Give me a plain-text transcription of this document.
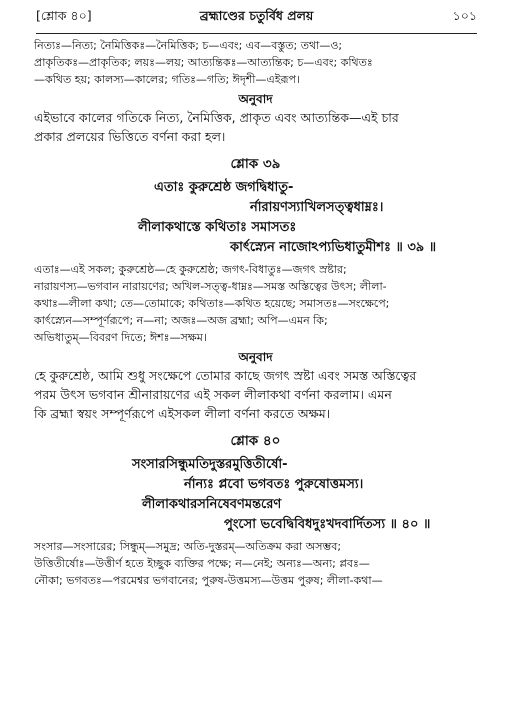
[শ্লোক ৪০]	ব্রহ্মাণ্ডের চতুর্বিধ প্রলয়	১০১

নিত্যঃ—নিত্য; নৈমিত্তিকঃ—নৈমিত্তিক; চ—এবং; এব—বস্তুত; তথা—ও;

প্রাকৃতিকঃ—প্রাকৃতিক; লয়ঃ—লয়; আত্যন্তিকঃ—আত্যন্তিক; চ—এবং; কথিতঃ

—কথিত হয়; কালস্য—কালের; গতিঃ—গতি; ঈদৃশী—এইরূপ।

অনুবাদ

এইভাবে কালের গতিকে নিত্য, নৈমিত্তিক, প্রাকৃত এবং আত্যন্তিক—এই চার

প্রকার প্রলয়ের ভিত্তিতে বর্ণনা করা হল।

শ্লোক ৩৯
এতাঃ কুরুশ্রেষ্ঠ জগদ্বিধাতু-
র্নারায়ণস্যাখিলসত্ত্বধাম্নঃ।
লীলাকথাস্তে কথিতাঃ সমাসতঃ
কার্ৎস্ন্যেন নাজোঽপ্যভিধাতুমীশঃ ॥ ৩৯ ॥

এতাঃ—এই সকল; কুরুশ্রেষ্ঠ—হে কুরুশ্রেষ্ঠ; জগৎ-বিধাতুঃ—জগৎ স্রষ্টার;

নারায়ণস্য—ভগবান নারায়ণের; অখিল-সত্ত্ব-ধাম্নঃ—সমস্ত অস্তিত্বের উৎস; লীলা-

কথাঃ—লীলা কথা; তে—তোমাকে; কথিতাঃ—কথিত হয়েছে; সমাসতঃ—সংক্ষেপে;

কার্ৎস্ন্যেন—সম্পূর্ণরূপে; ন—না; অজঃ—অজ ব্রহ্মা; অপি—এমন কি;

অভিধাতুম্—বিবরণ দিতে; ঈশঃ—সক্ষম।

অনুবাদ

হে কুরুশ্রেষ্ঠ, আমি শুধু সংক্ষেপে তোমার কাছে জগৎ স্রষ্টা এবং সমস্ত অস্তিত্বের

পরম উৎস ভগবান শ্রীনারায়ণের এই সকল লীলাকথা বর্ণনা করলাম। এমন

কি ব্রহ্মা স্বয়ং সম্পূর্ণরূপে এইসকল লীলা বর্ণনা করতে অক্ষম।

শ্লোক ৪০
সংসারসিন্ধুমতিদুস্তরমুত্তিতীর্ষো-
র্নান্যঃ প্লবো ভগবতঃ পুরুষোত্তমস্য।
লীলাকথারসনিষেবণমন্তরেণ
পুংসো ভবেদ্বিবিধদুঃখদবার্দিতস্য ॥ ৪০ ॥

সংসার—সংসারের; সিন্ধুম্—সমুদ্র; অতি-দুস্তরম্—অতিক্রম করা অসম্ভব;

উত্তিতীর্ষোঃ—উত্তীর্ণ হতে ইচ্ছুক ব্যক্তির পক্ষে; ন—নেই; অন্যঃ—অন্য; প্লবঃ—

নৌকা; ভগবতঃ—পরমেশ্বর ভগবানের; পুরুষ-উত্তমস্য—উত্তম পুরুষ; লীলা-কথা—
